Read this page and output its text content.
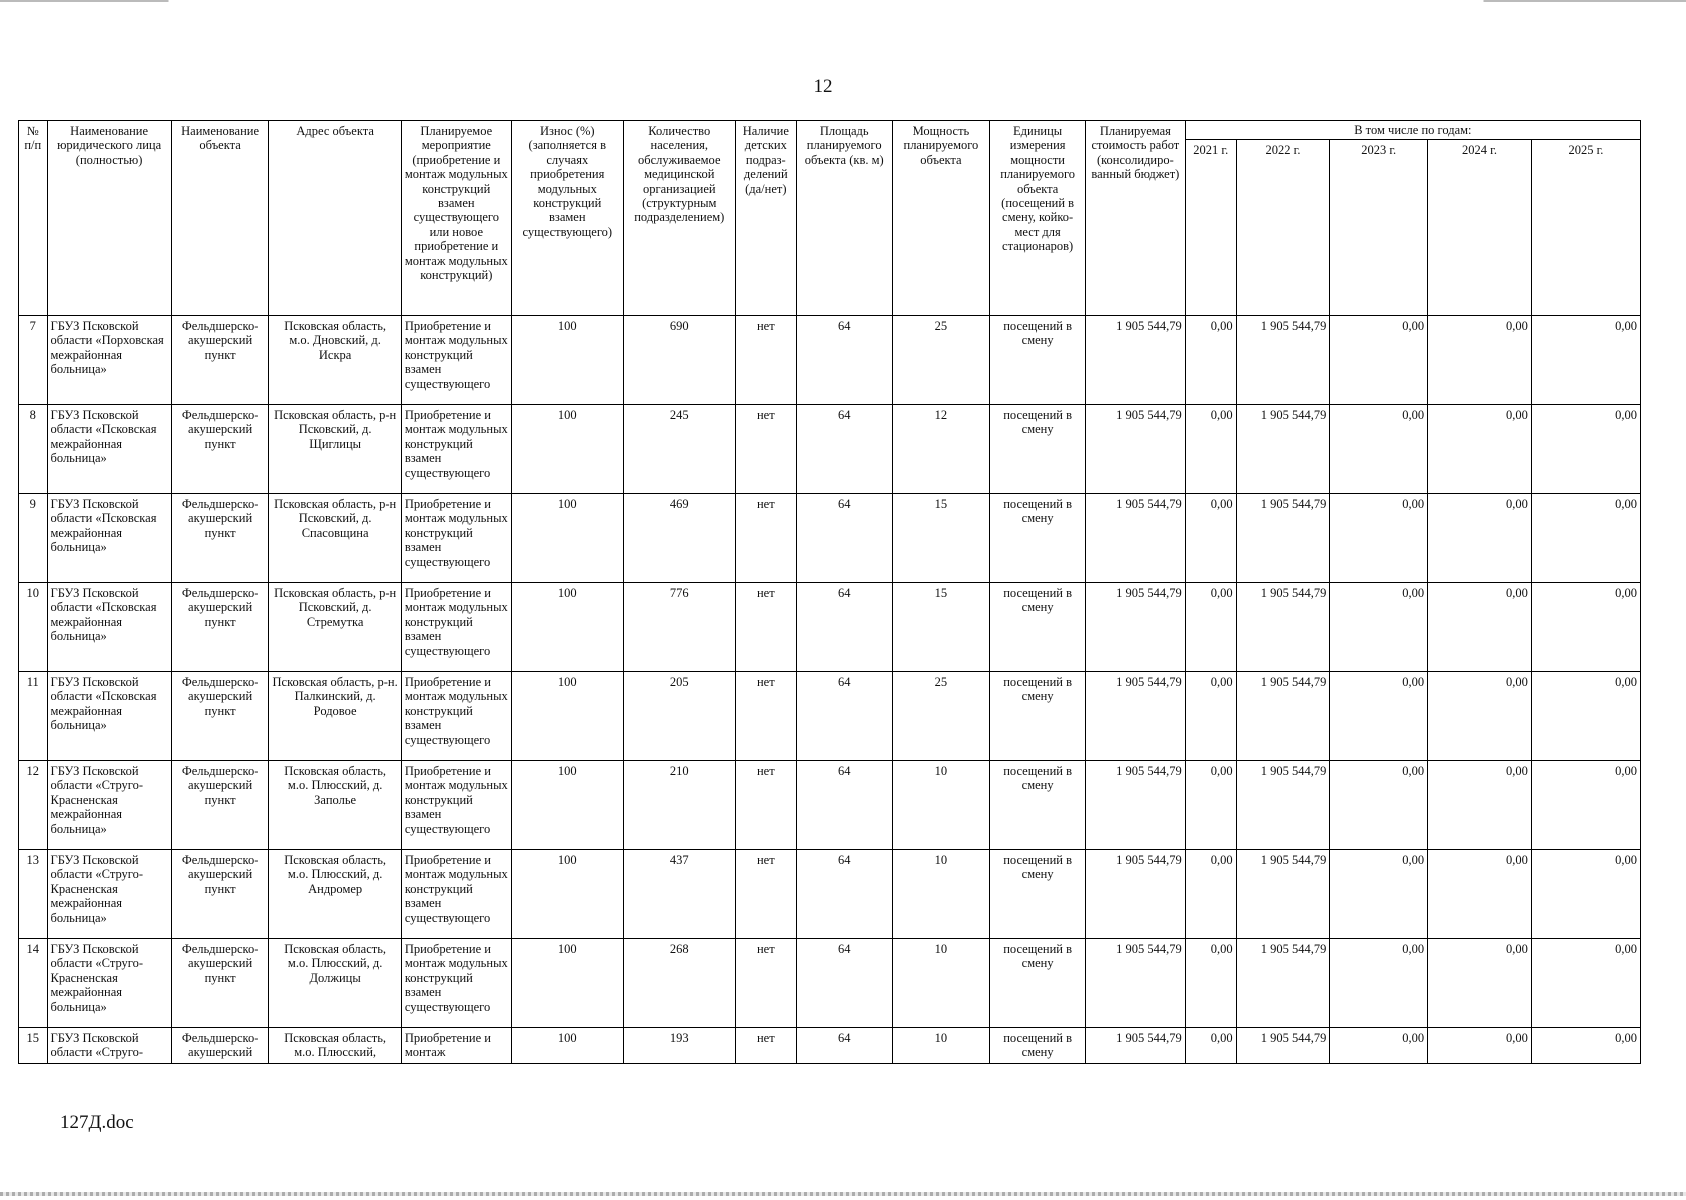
12
№ п/п	Наименование юридического лица (полностью)	Наименование объекта	Адрес объекта	Планируемое мероприятие (приобретение и монтаж модульных конструкций взамен существующего или новое приобретение и монтаж модульных конструкций)	Износ (%) (заполняется в случаях приобретения модульных конструкций взамен существующего)	Количество населения, обслуживаемое медицинской организацией (структурным подразделением)	Наличие детских подраз-делений (да/нет)	Площадь планируемого объекта (кв. м)	Мощность планируемого объекта	Единицы измерения мощности планируемого объекта (посещений в смену, койко-мест для стационаров)	Планируемая стоимость работ (консолидиро-ванный бюджет)	В том числе по годам:				
												2021 г.	2022 г.	2023 г.	2024 г.	2025 г.
7	ГБУЗ Псковской области «Порховская межрайонная больница»	Фельдшерско-акушерский пункт	Псковская область, м.о. Дновский, д. Искра	Приобретение и монтаж модульных конструкций взамен существующего	100	690	нет	64	25	посещений в смену	1 905 544,79	0,00	1 905 544,79	0,00	0,00	0,00
8	ГБУЗ Псковской области «Псковская межрайонная больница»	Фельдшерско-акушерский пункт	Псковская область, р-н Псковский, д. Щиглицы	Приобретение и монтаж модульных конструкций взамен существующего	100	245	нет	64	12	посещений в смену	1 905 544,79	0,00	1 905 544,79	0,00	0,00	0,00
9	ГБУЗ Псковской области «Псковская межрайонная больница»	Фельдшерско-акушерский пункт	Псковская область, р-н Псковский, д. Спасовщина	Приобретение и монтаж модульных конструкций взамен существующего	100	469	нет	64	15	посещений в смену	1 905 544,79	0,00	1 905 544,79	0,00	0,00	0,00
10	ГБУЗ Псковской области «Псковская межрайонная больница»	Фельдшерско-акушерский пункт	Псковская область, р-н Псковский, д. Стремутка	Приобретение и монтаж модульных конструкций взамен существующего	100	776	нет	64	15	посещений в смену	1 905 544,79	0,00	1 905 544,79	0,00	0,00	0,00
11	ГБУЗ Псковской области «Псковская межрайонная больница»	Фельдшерско-акушерский пункт	Псковская область, р-н. Палкинский, д. Родовое	Приобретение и монтаж модульных конструкций взамен существующего	100	205	нет	64	25	посещений в смену	1 905 544,79	0,00	1 905 544,79	0,00	0,00	0,00
12	ГБУЗ Псковской области «Струго-Красненская межрайонная больница»	Фельдшерско-акушерский пункт	Псковская область, м.о. Плюсский, д. Заполье	Приобретение и монтаж модульных конструкций взамен существующего	100	210	нет	64	10	посещений в смену	1 905 544,79	0,00	1 905 544,79	0,00	0,00	0,00
13	ГБУЗ Псковской области «Струго-Красненская межрайонная больница»	Фельдшерско-акушерский пункт	Псковская область, м.о. Плюсский, д. Андромер	Приобретение и монтаж модульных конструкций взамен существующего	100	437	нет	64	10	посещений в смену	1 905 544,79	0,00	1 905 544,79	0,00	0,00	0,00
14	ГБУЗ Псковской области «Струго-Красненская межрайонная больница»	Фельдшерско-акушерский пункт	Псковская область, м.о. Плюсский, д. Должицы	Приобретение и монтаж модульных конструкций взамен существующего	100	268	нет	64	10	посещений в смену	1 905 544,79	0,00	1 905 544,79	0,00	0,00	0,00
15	ГБУЗ Псковской области «Струго-	Фельдшерско-акушерский	Псковская область, м.о. Плюсский,	Приобретение и монтаж	100	193	нет	64	10	посещений в смену	1 905 544,79	0,00	1 905 544,79	0,00	0,00	0,00
127Д.doc
